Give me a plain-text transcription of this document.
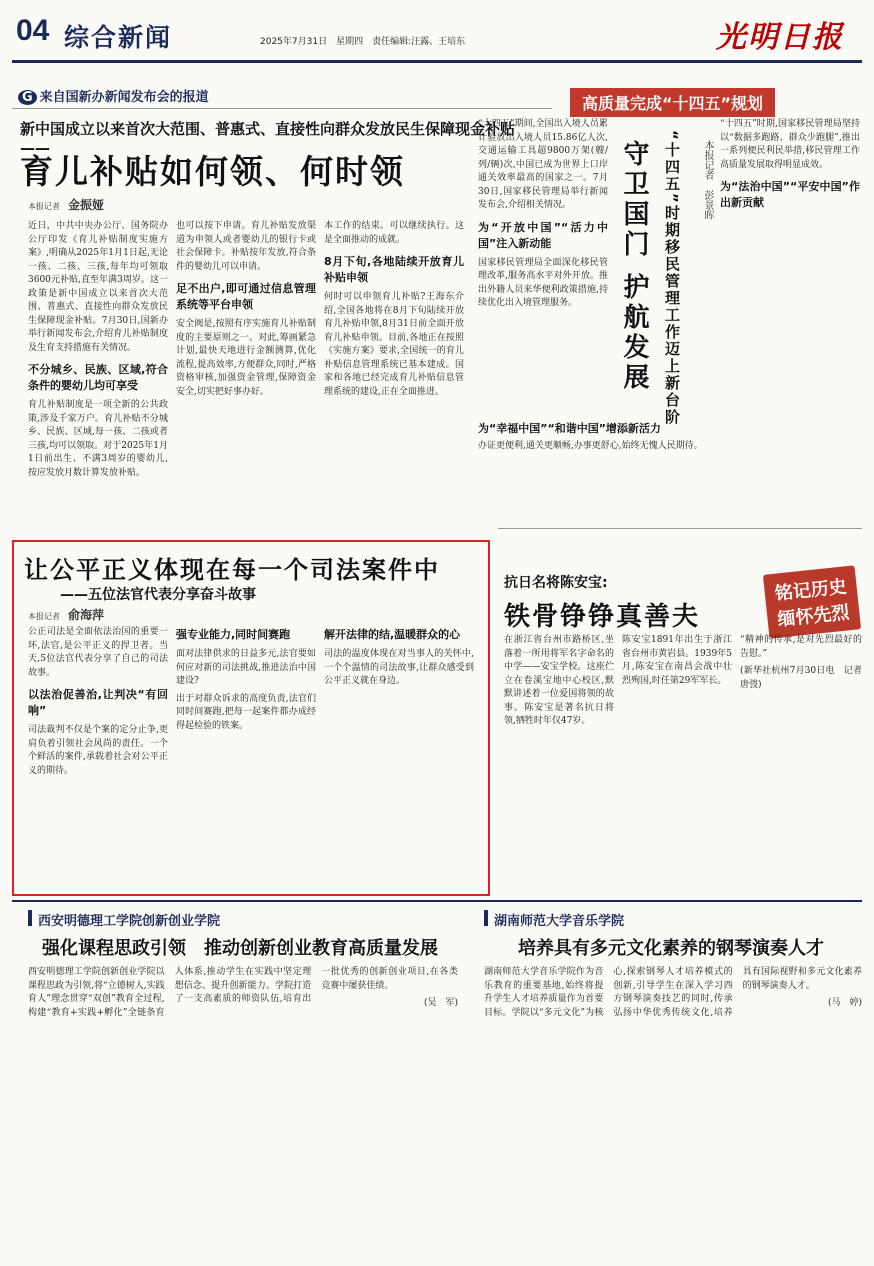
04 综合新闻	2025年7月31日　星期四　责任编辑:汪露、王培东	光明日报
G 来自国新办新闻发布会的报道
新中国成立以来首次大范围、普惠式、直接性向群众发放民生保障现金补贴——
育儿补贴如何领、何时领
本报记者　 金振娅

近日，中共中央办公厅、国务院办公厅印发《育儿补贴制度实施方案》,明确从2025年1月1日起,无论一孩、二孩、三孩,每年均可领取3600元补贴,直至年满3周岁。这一政策是新中国成立以来首次大范围、普惠式、直接性向群众发放民生保障现金补贴。7月30日,国新办举行新闻发布会,介绍育儿补贴制度及生育支持措施有关情况。

不分城乡、民族、区域,符合条件的婴幼儿均可享受

育儿补贴制度是一项全新的公共政策,涉及千家万户。育儿补贴不分城乡、民族、区域,每一孩、二孩或者三孩,均可以领取。对于2025年1月1日前出生、不满3周岁的婴幼儿,按应发放月数计算发放补贴。

也可以按下申请。育儿补贴发放渠道为申领人或者婴幼儿的银行卡或社会保障卡。补贴按年发放,符合条件的婴幼儿可以申请。

足不出户,即可通过信息管理系统等平台申领

安全阀是,按照有序实施育儿补贴制度的主要原则之一。对此,筹画紧急计划,最快天地进行金额测算,优化流程,提高效率,方便群众,同时,严格资格审核,加强资金管理,保障资金安全,切实把好事办好。

本工作的结束。可以继续执行。这是全面推动的成就。

8月下旬,各地陆续开放育儿补贴申领

何时可以申领育儿补贴?王海东介绍,全国各地将在8月下旬陆续开放育儿补贴申领,8月31日前全面开放育儿补贴申领。目前,各地正在按照《实施方案》要求,全国统一的育儿补贴信息管理系统已基本建成。国家和各地已经完成育儿补贴信息管理系统的建设,正在全面推进。

高质量完成“十四五”规划

“十四五”期间,全国出入境人员累计验放出入境人员15.86亿人次,交通运输工具超9800万架(艘/列/辆)次,中国已成为世界上口岸通关效率最高的国家之一。7月30日,国家移民管理局举行新闻发布会,介绍相关情况。

为“开放中国”“活力中国”注入新动能

国家移民管理局全面深化移民管理改革,服务高水平对外开放。推出外籍人员来华便利政策措施,持续优化出入境管理服务。	守卫国门 护航发展 “十四五”时期移民管理工作迈上新台阶 本报记者　彭景晖

“十四五”时期,国家移民管理局坚持以“数据多跑路、群众少跑腿”,推出一系列便民利民举措,移民管理工作高质量发展取得明显成效。

为“法治中国”“平安中国”作出新贡献
为“幸福中国”“和谐中国”增添新活力

办证更便利,通关更顺畅,办事更舒心,始终无愧人民期待。

让公平正义体现在每一个司法案件中
——五位法官代表分享奋斗故事
本报记者　 俞海萍

公正司法是全面依法治国的重要一环,法官,是公平正义的捍卫者。当天,5位法官代表分享了自己的司法故事。

以法治促善治,让判决“有回响”

司法裁判不仅是个案的定分止争,更肩负着引领社会风尚的责任。一个个鲜活的案件,承载着社会对公平正义的期待。

强专业能力,同时间赛跑

面对法律供求的日益多元,法官要如何应对新的司法挑战,推进法治中国建设?

出于对群众诉求的高度负责,法官们同时间赛跑,把每一起案件都办成经得起检验的铁案。

解开法律的结,温暖群众的心

司法的温度体现在对当事人的关怀中,一个个温情的司法故事,让群众感受到公平正义就在身边。

抗日名将陈安宝:
铁骨铮铮真善夫
铭记历史 缅怀先烈

在浙江省台州市路桥区,坐落着一所用将军名字命名的中学——安宝学校。这座伫立在卷溪宝地中心校区,默默讲述着一位爱国将领的故事。陈安宝是著名抗日将领,牺牲时年仅47岁。

陈安宝1891年出生于浙江省台州市黄岩县。1939年5月,陈安宝在南昌会战中壮烈殉国,时任第29军军长。

“精神的传承,是对先烈最好的告慰。”

(新华社杭州7月30日电　记者唐弢)

西安明德理工学院创新创业学院
强化课程思政引领　推动创新创业教育高质量发展

西安明德理工学院创新创业学院以课程思政为引领,将“立德树人,实践育人”理念贯穿“双创”教育全过程,构建“教育+实践+孵化”全链条育人体系,推动学生在实践中坚定理想信念、提升创新能力。学院打造了一支高素质的师资队伍,培育出一批优秀的创新创业项目,在各类竞赛中屡获佳绩。

(吴　军)

湖南师范大学音乐学院
培养具有多元文化素养的钢琴演奏人才

湖南师范大学音乐学院作为音乐教育的重要基地,始终将提升学生人才培养质量作为首要目标。学院以“多元文化”为核心,探索钢琴人才培养模式的创新,引导学生在深入学习西方钢琴演奏技艺的同时,传承弘扬中华优秀传统文化,培养具有国际视野和多元文化素养的钢琴演奏人才。

(马　婷)
